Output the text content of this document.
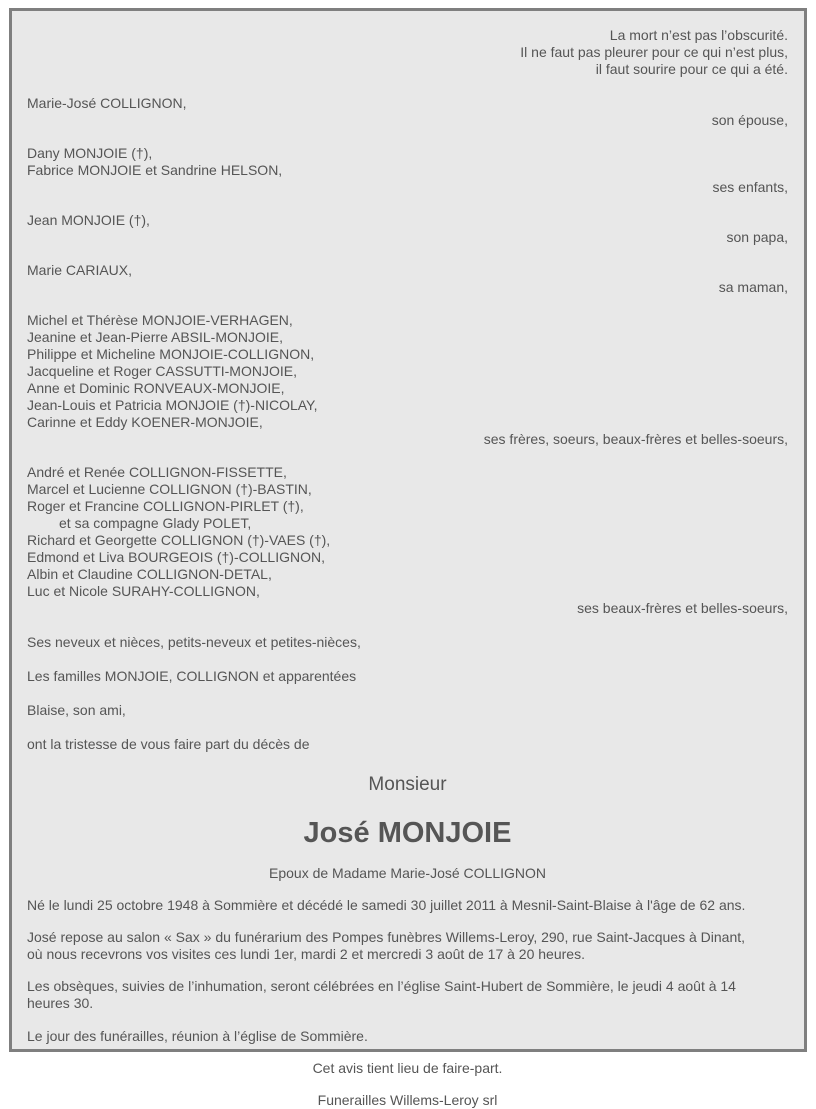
La mort n’est pas l’obscurité.
Il ne faut pas pleurer pour ce qui n’est plus,
il faut sourire pour ce qui a été.
Marie-José COLLIGNON,
son épouse,
Dany MONJOIE (†),
Fabrice MONJOIE et Sandrine HELSON,
ses enfants,
Jean MONJOIE (†),
son papa,
Marie CARIAUX,
sa maman,
Michel et Thérèse MONJOIE-VERHAGEN,
Jeanine et Jean-Pierre ABSIL-MONJOIE,
Philippe et Micheline MONJOIE-COLLIGNON,
Jacqueline et Roger CASSUTTI-MONJOIE,
Anne et Dominic RONVEAUX-MONJOIE,
Jean-Louis et Patricia MONJOIE (†)-NICOLAY,
Carinne et Eddy KOENER-MONJOIE,
ses frères, soeurs, beaux-frères et belles-soeurs,
André et Renée COLLIGNON-FISSETTE,
Marcel et Lucienne COLLIGNON (†)-BASTIN,
Roger et Francine COLLIGNON-PIRLET (†),
et sa compagne Glady POLET,
Richard et Georgette COLLIGNON (†)-VAES (†),
Edmond et Liva BOURGEOIS (†)-COLLIGNON,
Albin et Claudine COLLIGNON-DETAL,
Luc et Nicole SURAHY-COLLIGNON,
ses beaux-frères et belles-soeurs,
Ses neveux et nièces, petits-neveux et petites-nièces,
Les familles MONJOIE, COLLIGNON et apparentées
Blaise, son ami,
ont la tristesse de vous faire part du décès de
Monsieur
José MONJOIE
Epoux de Madame Marie-José COLLIGNON
Né le lundi 25 octobre 1948 à Sommière et décédé le samedi 30 juillet 2011 à Mesnil-Saint-Blaise à l'âge de 62 ans.
José repose au salon « Sax » du funérarium des Pompes funèbres Willems-Leroy, 290, rue Saint-Jacques à Dinant,
où nous recevrons vos visites ces lundi 1er, mardi 2 et mercredi 3 août de 17 à 20 heures.
Les obsèques, suivies de l’inhumation, seront célébrées en l’église Saint-Hubert de Sommière, le jeudi 4 août à 14
heures 30.
Le jour des funérailles, réunion à l’église de Sommière.
Cet avis tient lieu de faire-part.
Funerailles Willems-Leroy srl
